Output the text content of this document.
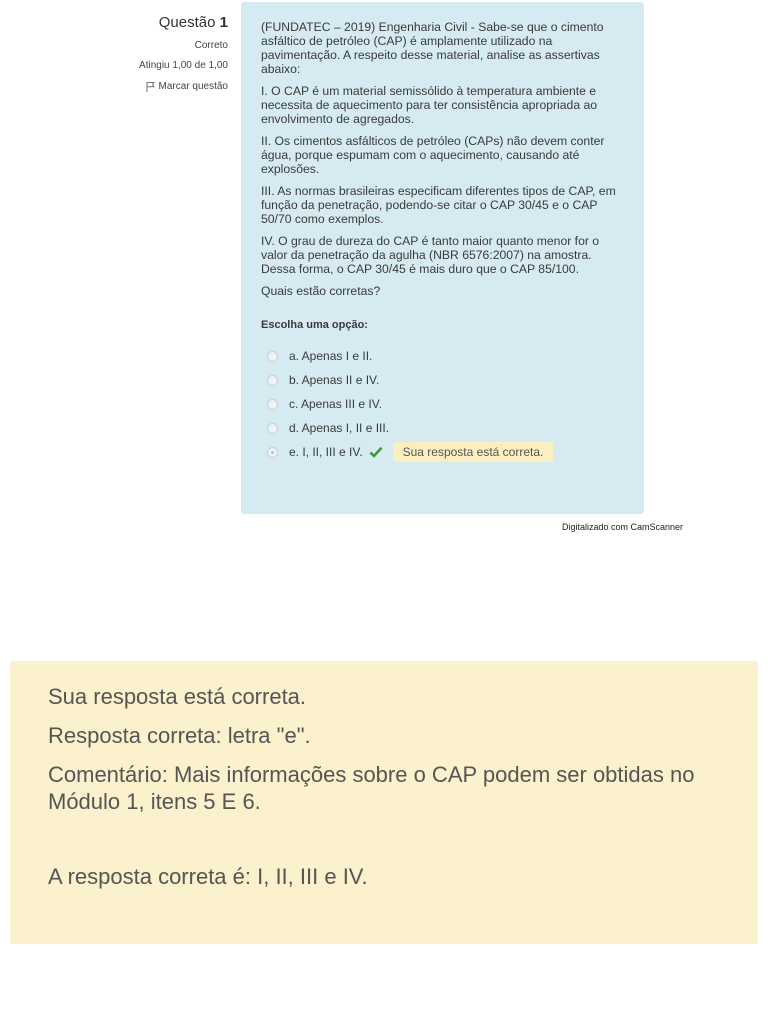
Questão 1

Correto
Atingiu 1,00 de 1,00
Marcar questão

(FUNDATEC – 2019) Engenharia Civil - Sabe-se que o cimento asfáltico de petróleo (CAP) é amplamente utilizado na pavimentação. A respeito desse material, analise as assertivas abaixo:

I. O CAP é um material semissólido à temperatura ambiente e necessita de aquecimento para ter consistência apropriada ao envolvimento de agregados.

II. Os cimentos asfálticos de petróleo (CAPs) não devem conter água, porque espumam com o aquecimento, causando até explosões.

III. As normas brasileiras especificam diferentes tipos de CAP, em função da penetração, podendo-se citar o CAP 30/45 e o CAP 50/70 como exemplos.

IV. O grau de dureza do CAP é tanto maior quanto menor for o valor da penetração da agulha (NBR 6576:2007) na amostra. Dessa forma, o CAP 30/45 é mais duro que o CAP 85/100.

Quais estão corretas?

Escolha uma opção:

a. Apenas I e II.
b. Apenas II e IV.
c. Apenas III e IV.
d. Apenas I, II e III.
e. I, II, III e IV.	Sua resposta está correta.
Digitalizado com CamScanner

Sua resposta está correta.

Resposta correta: letra "e".

Comentário: Mais informações sobre o CAP podem ser obtidas no Módulo 1, itens 5 E 6.

A resposta correta é: I, II, III e IV.
